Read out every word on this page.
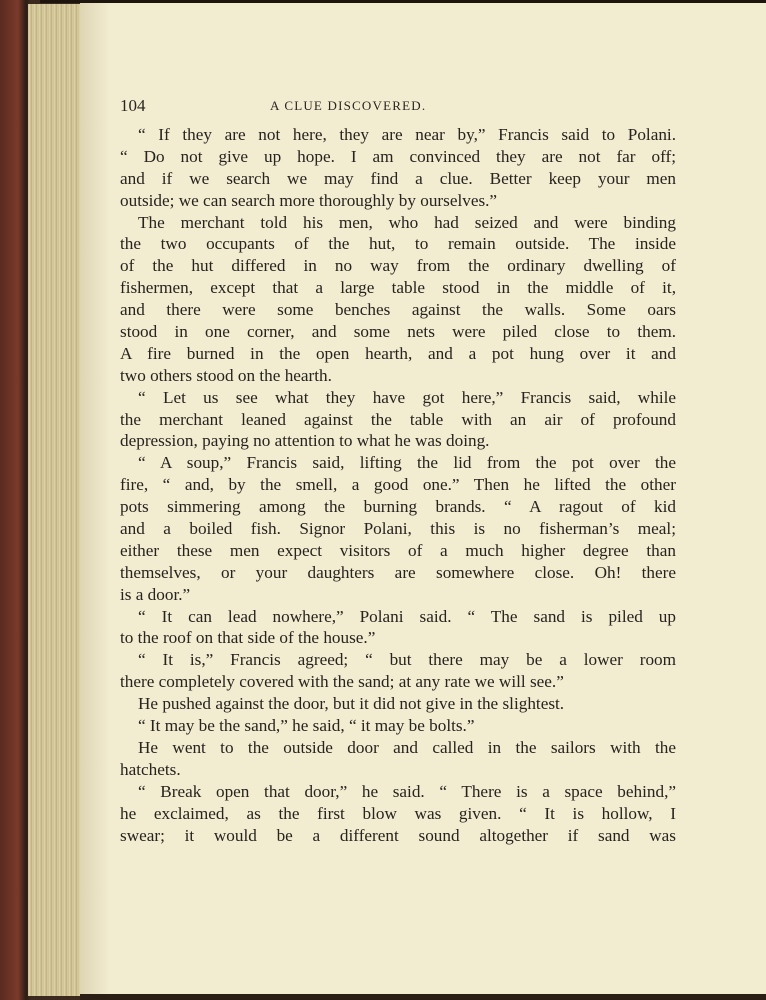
104	A CLUE DISCOVERED.
“ If they are not here, they are near by,” Francis said to Polani.
“ Do not give up hope. I am convinced they are not far off;
and if we search we may find a clue. Better keep your men
outside; we can search more thoroughly by ourselves.”
The merchant told his men, who had seized and were binding
the two occupants of the hut, to remain outside. The inside
of the hut differed in no way from the ordinary dwelling of
fishermen, except that a large table stood in the middle of it,
and there were some benches against the walls. Some oars
stood in one corner, and some nets were piled close to them.
A fire burned in the open hearth, and a pot hung over it and
two others stood on the hearth.
“ Let us see what they have got here,” Francis said, while
the merchant leaned against the table with an air of profound
depression, paying no attention to what he was doing.
“ A soup,” Francis said, lifting the lid from the pot over the
fire, “ and, by the smell, a good one.” Then he lifted the other
pots simmering among the burning brands. “ A ragout of kid
and a boiled fish. Signor Polani, this is no fisherman’s meal;
either these men expect visitors of a much higher degree than
themselves, or your daughters are somewhere close. Oh! there
is a door.”
“ It can lead nowhere,” Polani said. “ The sand is piled up
to the roof on that side of the house.”
“ It is,” Francis agreed; “ but there may be a lower room
there completely covered with the sand; at any rate we will see.”
He pushed against the door, but it did not give in the slightest.
“ It may be the sand,” he said, “ it may be bolts.”
He went to the outside door and called in the sailors with the
hatchets.
“ Break open that door,” he said. “ There is a space behind,”
he exclaimed, as the first blow was given. “ It is hollow, I
swear; it would be a different sound altogether if sand was
